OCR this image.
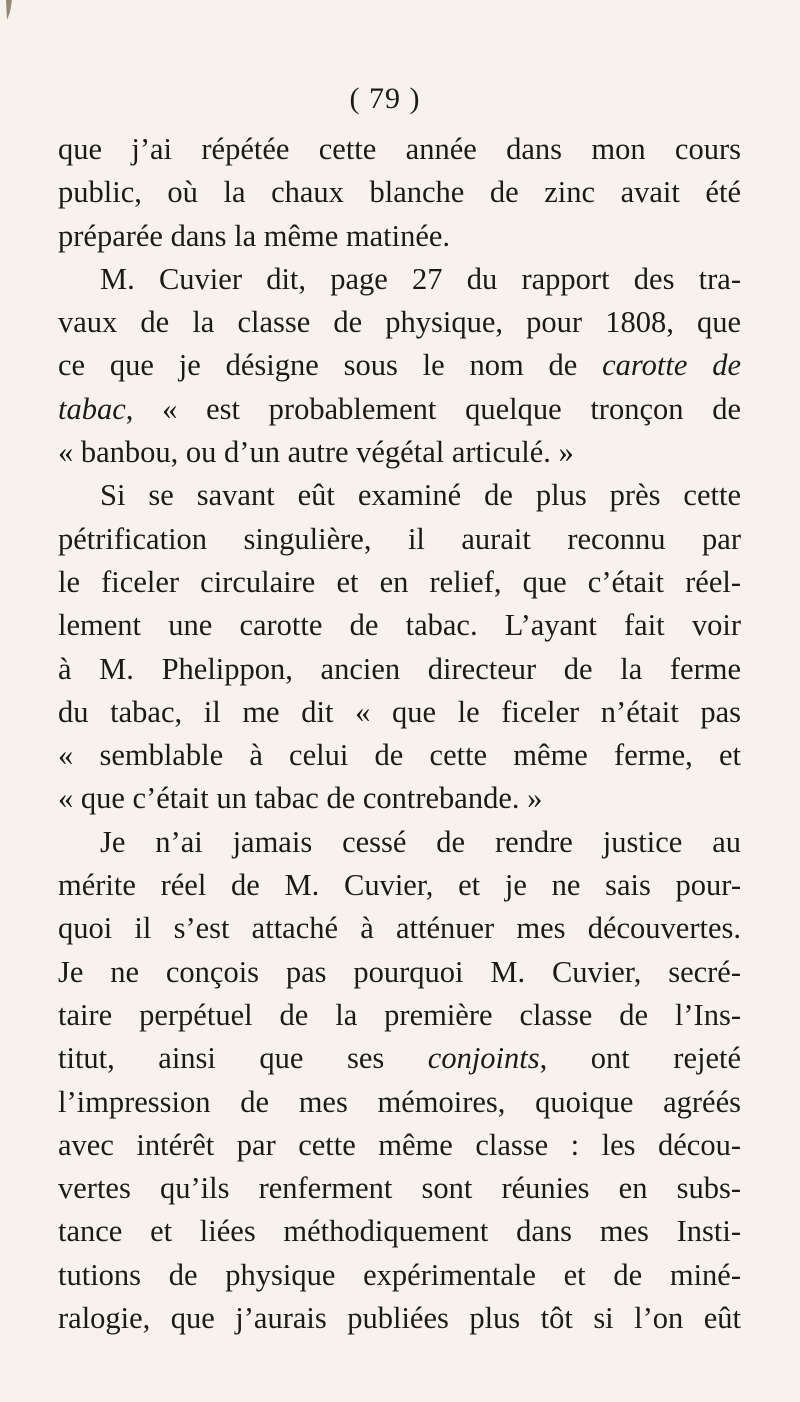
( 79 )
que j’ai répétée cette année dans mon cours
public, où la chaux blanche de zinc avait été
préparée dans la même matinée.
M. Cuvier dit, page 27 du rapport des tra-
vaux de la classe de physique, pour 1808, que
ce que je désigne sous le nom de carotte de
tabac, « est probablement quelque tronçon de
« banbou, ou d’un autre végétal articulé. »
Si se savant eût examiné de plus près cette
pétrification singulière, il aurait reconnu par
le ficeler circulaire et en relief, que c’était réel-
lement une carotte de tabac. L’ayant fait voir
à M. Phelippon, ancien directeur de la ferme
du tabac, il me dit « que le ficeler n’était pas
« semblable à celui de cette même ferme, et
« que c’était un tabac de contrebande. »
Je n’ai jamais cessé de rendre justice au
mérite réel de M. Cuvier, et je ne sais pour-
quoi il s’est attaché à atténuer mes découvertes.
Je ne conçois pas pourquoi M. Cuvier, secré-
taire perpétuel de la première classe de l’Ins-
titut, ainsi que ses conjoints, ont rejeté
l’impression de mes mémoires, quoique agréés
avec intérêt par cette même classe : les décou-
vertes qu’ils renferment sont réunies en subs-
tance et liées méthodiquement dans mes Insti-
tutions de physique expérimentale et de miné-
ralogie, que j’aurais publiées plus tôt si l’on eût
